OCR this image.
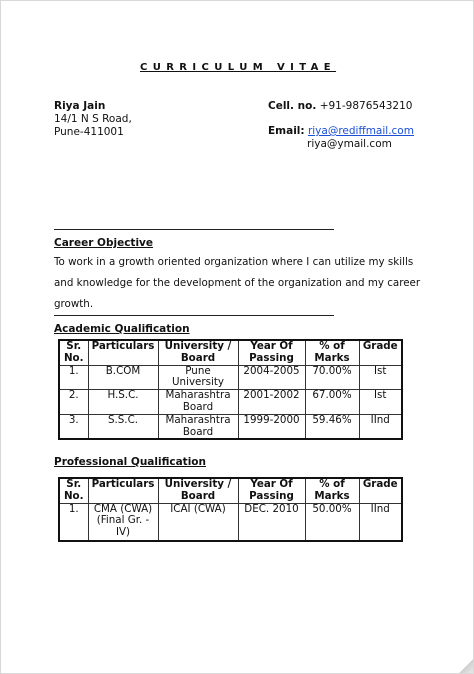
CURRICULUM VITAE
Riya Jain
14/1 N S Road,
Pune-411001
Cell. no. +91-9876543210
Email: riya@rediffmail.com
riya@ymail.com
Career Objective
To work in a growth oriented organization where I can utilize my skills and knowledge for the development of the organization and my career growth.
Academic Qualification
Sr. No.	Particulars	University / Board	Year Of Passing	% of Marks	Grade
1.	B.COM	Pune University	2004-2005	70.00%	Ist
2.	H.S.C.	Maharashtra Board	2001-2002	67.00%	Ist
3.	S.S.C.	Maharashtra Board	1999-2000	59.46%	IInd
Professional Qualification
Sr. No.	Particulars	University / Board	Year Of Passing	% of Marks	Grade
1.	CMA (CWA) (Final Gr. - IV)	ICAI (CWA)	DEC. 2010	50.00%	IInd
